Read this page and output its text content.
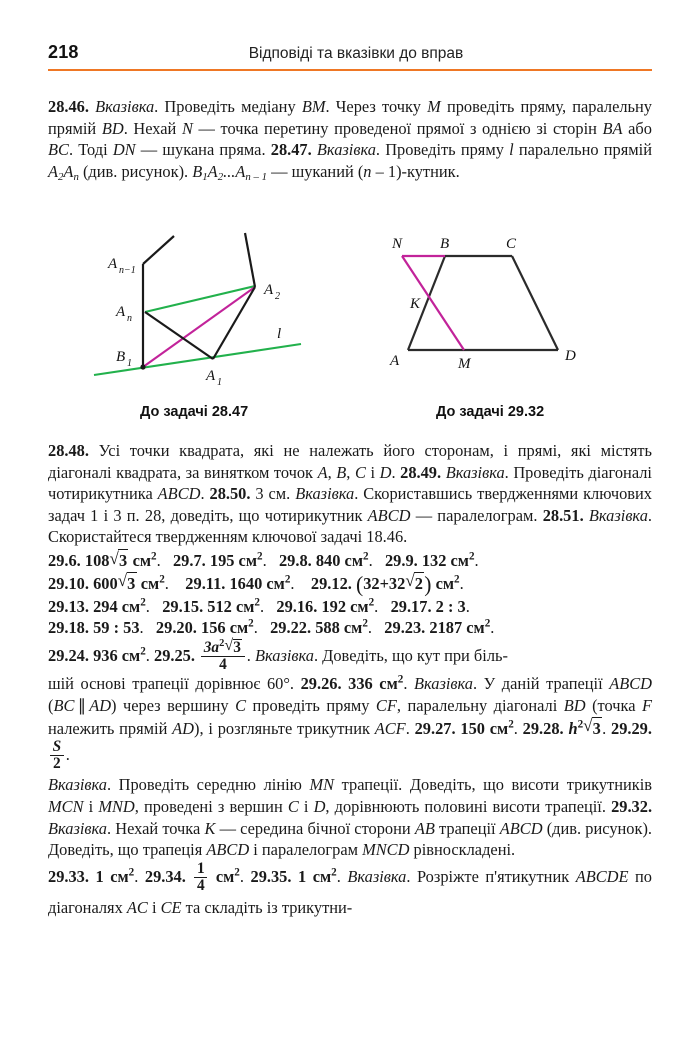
218	Відповіді та вказівки до вправ

28.46. Вказівка. Проведіть медіану BM. Через точку M проведіть пряму, паралельну прямій BD. Нехай N — точка перетину проведеної прямої з однією зі сторін BA або BC. Тоді DN — шукана пряма. 28.47. Вказівка. Проведіть пряму l паралельно прямій $A_2A_n$ (див. рисунок). $B_1A_2...A_{n - 1}$ — шуканий (n – 1)-кутник.

A n−1
A n
B 1
A 2
A 1
l
N	B	C
K
A	M	D
До задачі 28.47	До задачі 29.32

28.48. Усі точки квадрата, які не належать його сторонам, і прямі, які містять діагоналі квадрата, за винятком точок A, B, C і D. 28.49. Вказівка. Проведіть діагоналі чотирикутника ABCD. 28.50. 3 см. Вказівка. Скориставшись твердженнями ключових задач 1 і 3 п. 28, доведіть, що чотирикутник ABCD — паралелограм. 28.51. Вказівка. Скористайтеся твердженням ключової задачі 18.46.

29.6. 108 √ 3 $см^2$.   29.7. 195 $см^2$.   29.8. 840 $см^2$.   29.9. 132 $см^2$.

29.10. 600 √ 3 $см^2$.    29.11. 1640 $см^2$.    29.12. (32+32 √ 2) $см^2$.

29.13. 294 $см^2$.   29.15. 512 $см^2$.   29.16. 192 $см^2$.   29.17. 2 : 3.

29.18. 59 : 53.   29.20. 156 $см^2$.   29.22. 588 $см^2$.   29.23. 2187 $см^2$.

29.24. 936 $см^2$. 29.25. $\frac{3a^2 √ 3}{4}$ . Вказівка. Доведіть, що кут при біль-

шій основі трапеції дорівнює 60°. 29.26. 336 $см^2$. Вказівка. У даній трапеції ABCD (BC ∥ AD) через вершину C проведіть пряму CF, паралельну діагоналі BD (точка F належить прямій AD), і розгляньте трикутник ACF. 29.27. 150 $см^2$. 29.28. $h^2$ √ 3. 29.29.
$\frac{S}{2}$ .

Вказівка. Проведіть середню лінію MN трапеції. Доведіть, що висоти трикутників MCN і MND, проведені з вершин C і D, дорівнюють половині висоти трапеції. 29.32. Вказівка. Нехай точка K — середина бічної сторони AB трапеції ABCD (див. рисунок). Доведіть, що трапеція ABCD і паралелограм MNCD рівноскладені.

29.33. 1 $см^2$. 29.34. $\frac{1}{4} см^2$. 29.35. 1 $см^2$. Вказівка. Розріжте п'ятикутник ABCDE по діагоналях AC і CE та складіть із трикутни-
